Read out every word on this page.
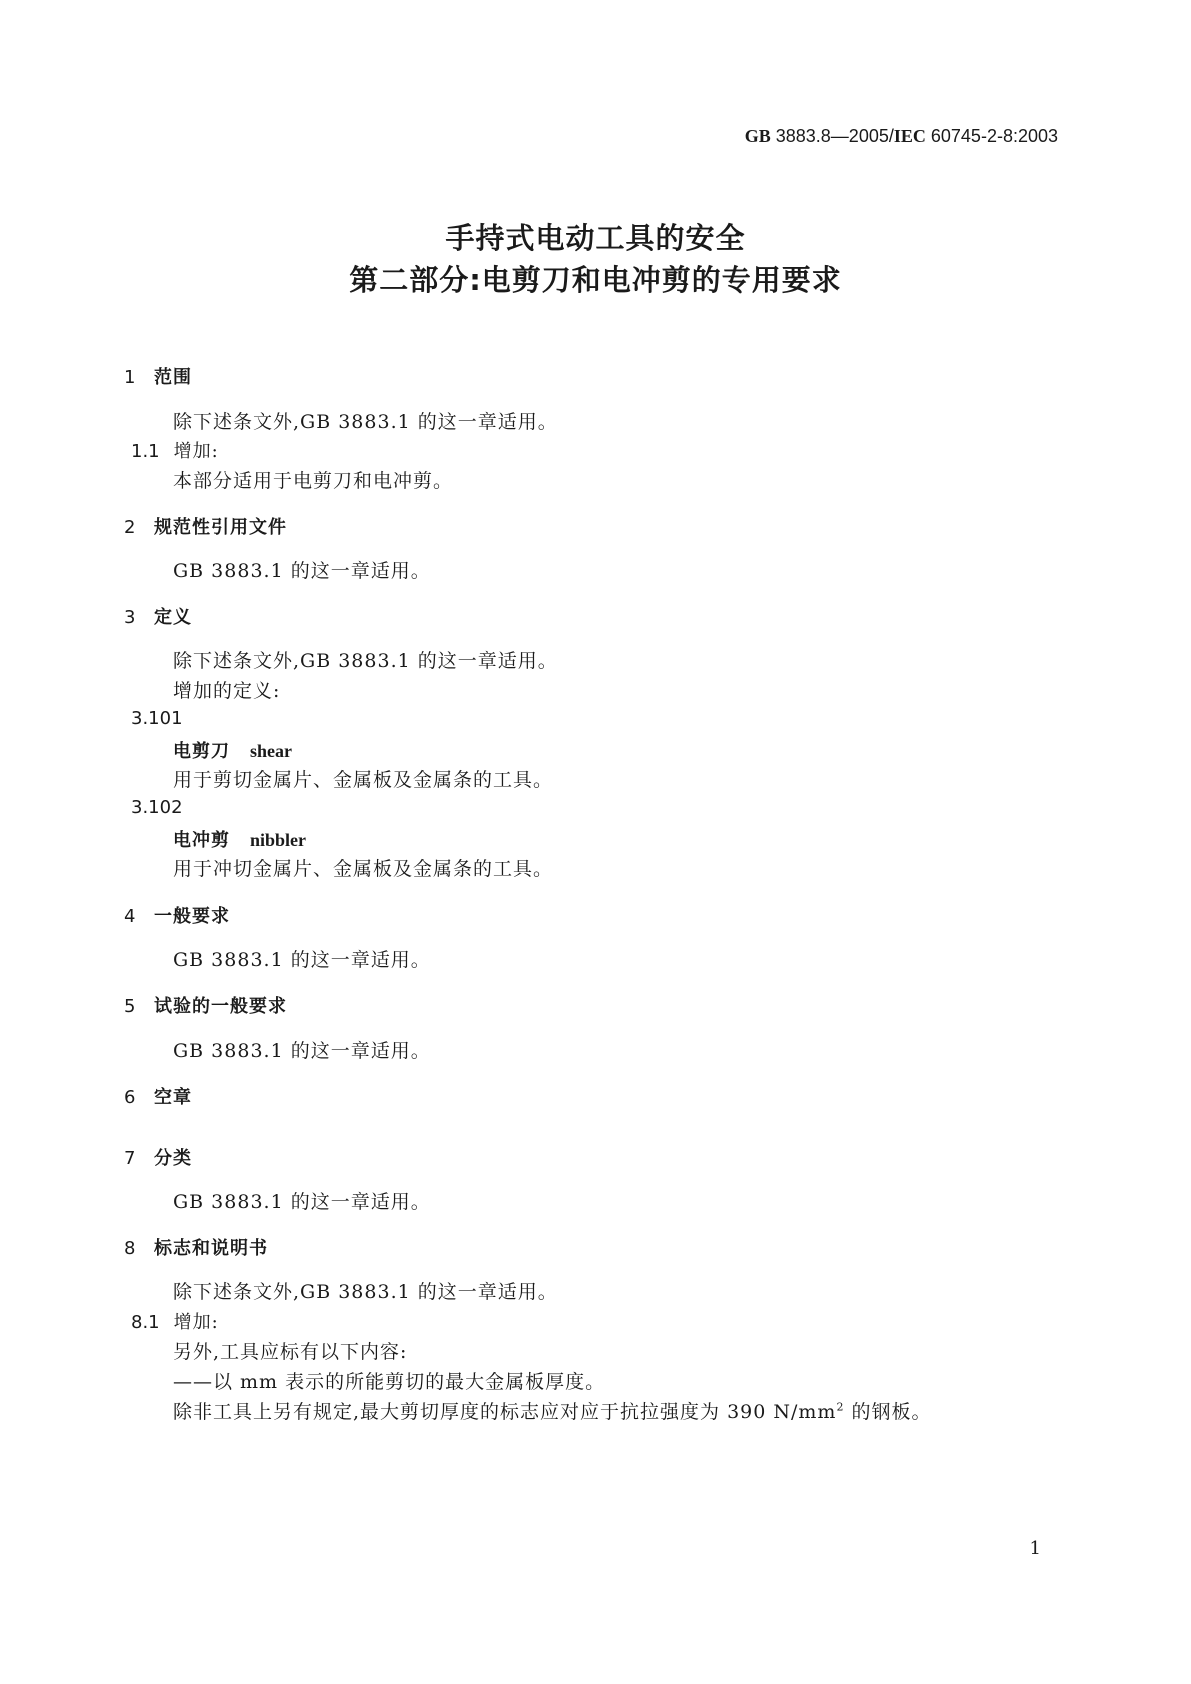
GB 3883.8—2005/IEC 60745-2-8:2003
手持式电动工具的安全
第二部分:电剪刀和电冲剪的专用要求
1 范围
除下述条文外,GB 3883.1 的这一章适用。
1.1 增加:
本部分适用于电剪刀和电冲剪。
2 规范性引用文件
GB 3883.1 的这一章适用。
3 定义
除下述条文外,GB 3883.1 的这一章适用。
增加的定义:
3.101
电剪刀 shear
用于剪切金属片、金属板及金属条的工具。
3.102
电冲剪 nibbler
用于冲切金属片、金属板及金属条的工具。
4 一般要求
GB 3883.1 的这一章适用。
5 试验的一般要求
GB 3883.1 的这一章适用。
6 空章
7 分类
GB 3883.1 的这一章适用。
8 标志和说明书
除下述条文外,GB 3883.1 的这一章适用。
8.1 增加:
另外,工具应标有以下内容:
——以 mm 表示的所能剪切的最大金属板厚度。
除非工具上另有规定,最大剪切厚度的标志应对应于抗拉强度为 390 $N/mm^2$ 的钢板。
1
